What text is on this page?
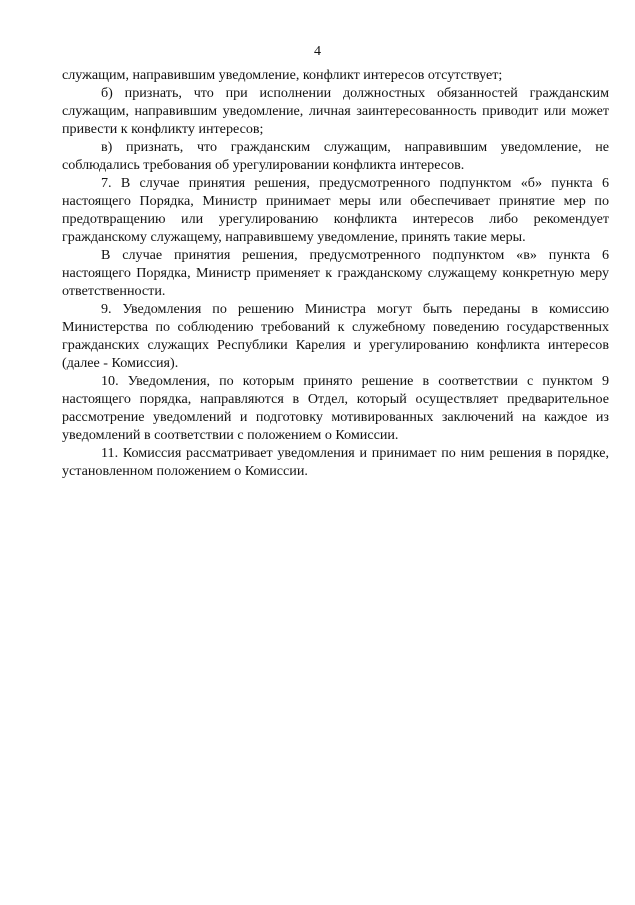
4

служащим, направившим уведомление, конфликт интересов отсутствует;

б) признать, что при исполнении должностных обязанностей гражданским служащим, направившим уведомление, личная заинтересованность приводит или может привести к конфликту интересов;

в) признать, что гражданским служащим, направившим уведомление, не соблюдались требования об урегулировании конфликта интересов.

7. В случае принятия решения, предусмотренного подпунктом «б» пункта 6 настоящего Порядка, Министр принимает меры или обеспечивает принятие мер по предотвращению или урегулированию конфликта интересов либо рекомендует гражданскому служащему, направившему уведомление, принять такие меры.

В случае принятия решения, предусмотренного подпунктом «в» пункта 6 настоящего Порядка, Министр применяет к гражданскому служащему конкретную меру ответственности.

9. Уведомления по решению Министра могут быть переданы в комиссию Министерства по соблюдению требований к служебному поведению государственных гражданских служащих Республики Карелия и урегулированию конфликта интересов (далее - Комиссия).

10. Уведомления, по которым принято решение в соответствии с пунктом 9 настоящего порядка, направляются в Отдел, который осуществляет предварительное рассмотрение уведомлений и подготовку мотивированных заключений на каждое из уведомлений в соответствии с положением о Комиссии.

11. Комиссия рассматривает уведомления и принимает по ним решения в порядке, установленном положением о Комиссии.
